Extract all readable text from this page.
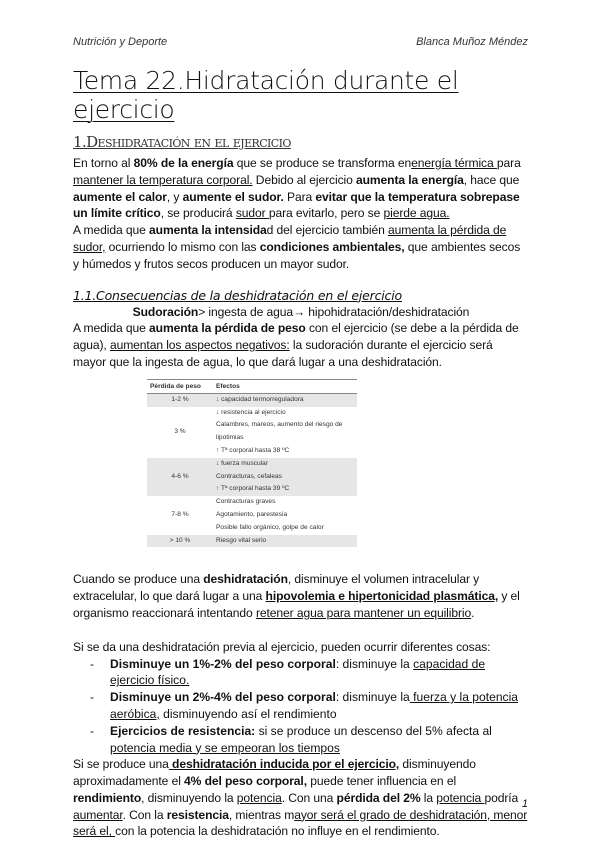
Nutrición y Deporte	Blanca Muñoz Méndez
Tema 22.Hidratación durante el ejercicio
1.Deshidratación en el ejercicio
En torno al 80% de la energía que se produce se transforma enenergía térmica para mantener la temperatura corporal. Debido al ejercicio aumenta la energía, hace que aumente el calor, y aumente el sudor. Para evitar que la temperatura sobrepase un límite crítico, se producirá sudor para evitarlo, pero se pierde agua.
A medida que aumenta la intensidad del ejercicio también aumenta la pérdida de sudor, ocurriendo lo mismo con las condiciones ambientales, que ambientes secos y húmedos y frutos secos producen un mayor sudor.
1.1.Consecuencias de la deshidratación en el ejercicio
Sudoración> ingesta de agua→ hipohidratación/deshidratación
A medida que aumenta la pérdida de peso con el ejercicio (se debe a la pérdida de agua), aumentan los aspectos negativos: la sudoración durante el ejercicio será mayor que la ingesta de agua, lo que dará lugar a una deshidratación.
Pérdida de peso	Efectos
1-2 %	↓ capacidad termorreguladora
3 %	↓ resistencia al ejercicio
	Calambres, mareos, aumento del riesgo de lipotimias
	↑ Tª corporal hasta 38 ºC
4-6 %	↓ fuerza muscular
	Contracturas, cefaleas
	↑ Tª corporal hasta 39 ºC
7-8 %	Contracturas graves
	Agotamiento, parestesia
	Posible fallo orgánico, golpe de calor
> 10 %	Riesgo vital serio
Cuando se produce una deshidratación, disminuye el volumen intracelular y extracelular, lo que dará lugar a una hipovolemia e hipertonicidad plasmática, y el organismo reaccionará intentando retener agua para mantener un equilibrio.
Si se da una deshidratación previa al ejercicio, pueden ocurrir diferentes cosas:
- Disminuye un 1%-2% del peso corporal: disminuye la capacidad de ejercicio físico.
- Disminuye un 2%-4% del peso corporal: disminuye la fuerza y la potencia aeróbica, disminuyendo así el rendimiento
- Ejercicios de resistencia: si se produce un descenso del 5% afecta al potencia media y se empeoran los tiempos
Si se produce una deshidratación inducida por el ejercicio, disminuyendo aproximadamente el 4% del peso corporal, puede tener influencia en el rendimiento, disminuyendo la potencia. Con una pérdida del 2% la potencia podría aumentar. Con la resistencia, mientras mayor será el grado de deshidratación, menor será el, con la potencia la deshidratación no influye en el rendimiento.
1
